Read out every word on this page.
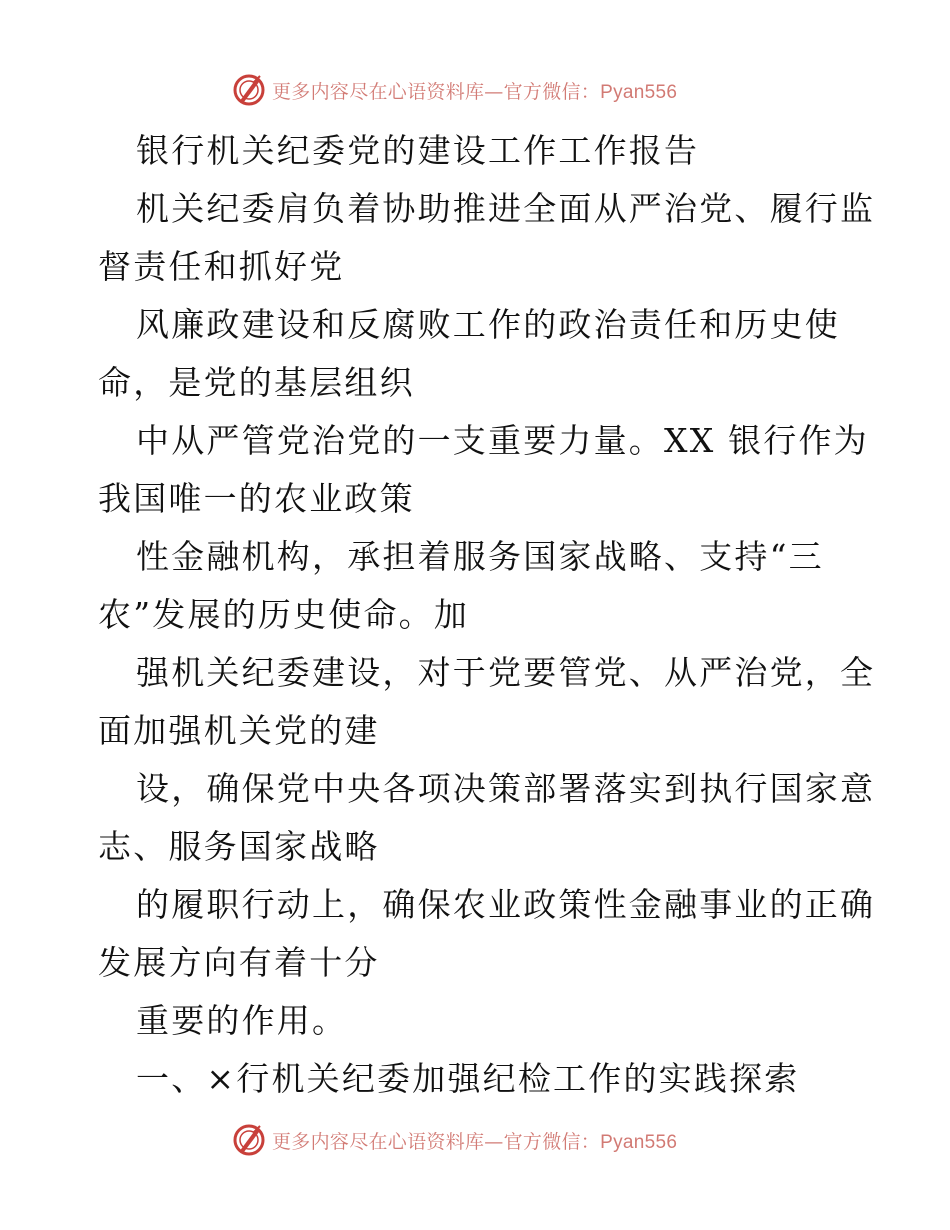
更多内容尽在心语资料库—官方微信：Pyan556
银行机关纪委党的建设工作工作报告
机关纪委肩负着协助推进全面从严治党、履行监
督责任和抓好党
风廉政建设和反腐败工作的政治责任和历史使
命，是党的基层组织
中从严管党治党的一支重要力量。XX 银行作为
我国唯一的农业政策
性金融机构，承担着服务国家战略、支持“三
农”发展的历史使命。加
强机关纪委建设，对于党要管党、从严治党，全
面加强机关党的建
设，确保党中央各项决策部署落实到执行国家意
志、服务国家战略
的履职行动上，确保农业政策性金融事业的正确
发展方向有着十分
重要的作用。
一、×行机关纪委加强纪检工作的实践探索
更多内容尽在心语资料库—官方微信：Pyan556
